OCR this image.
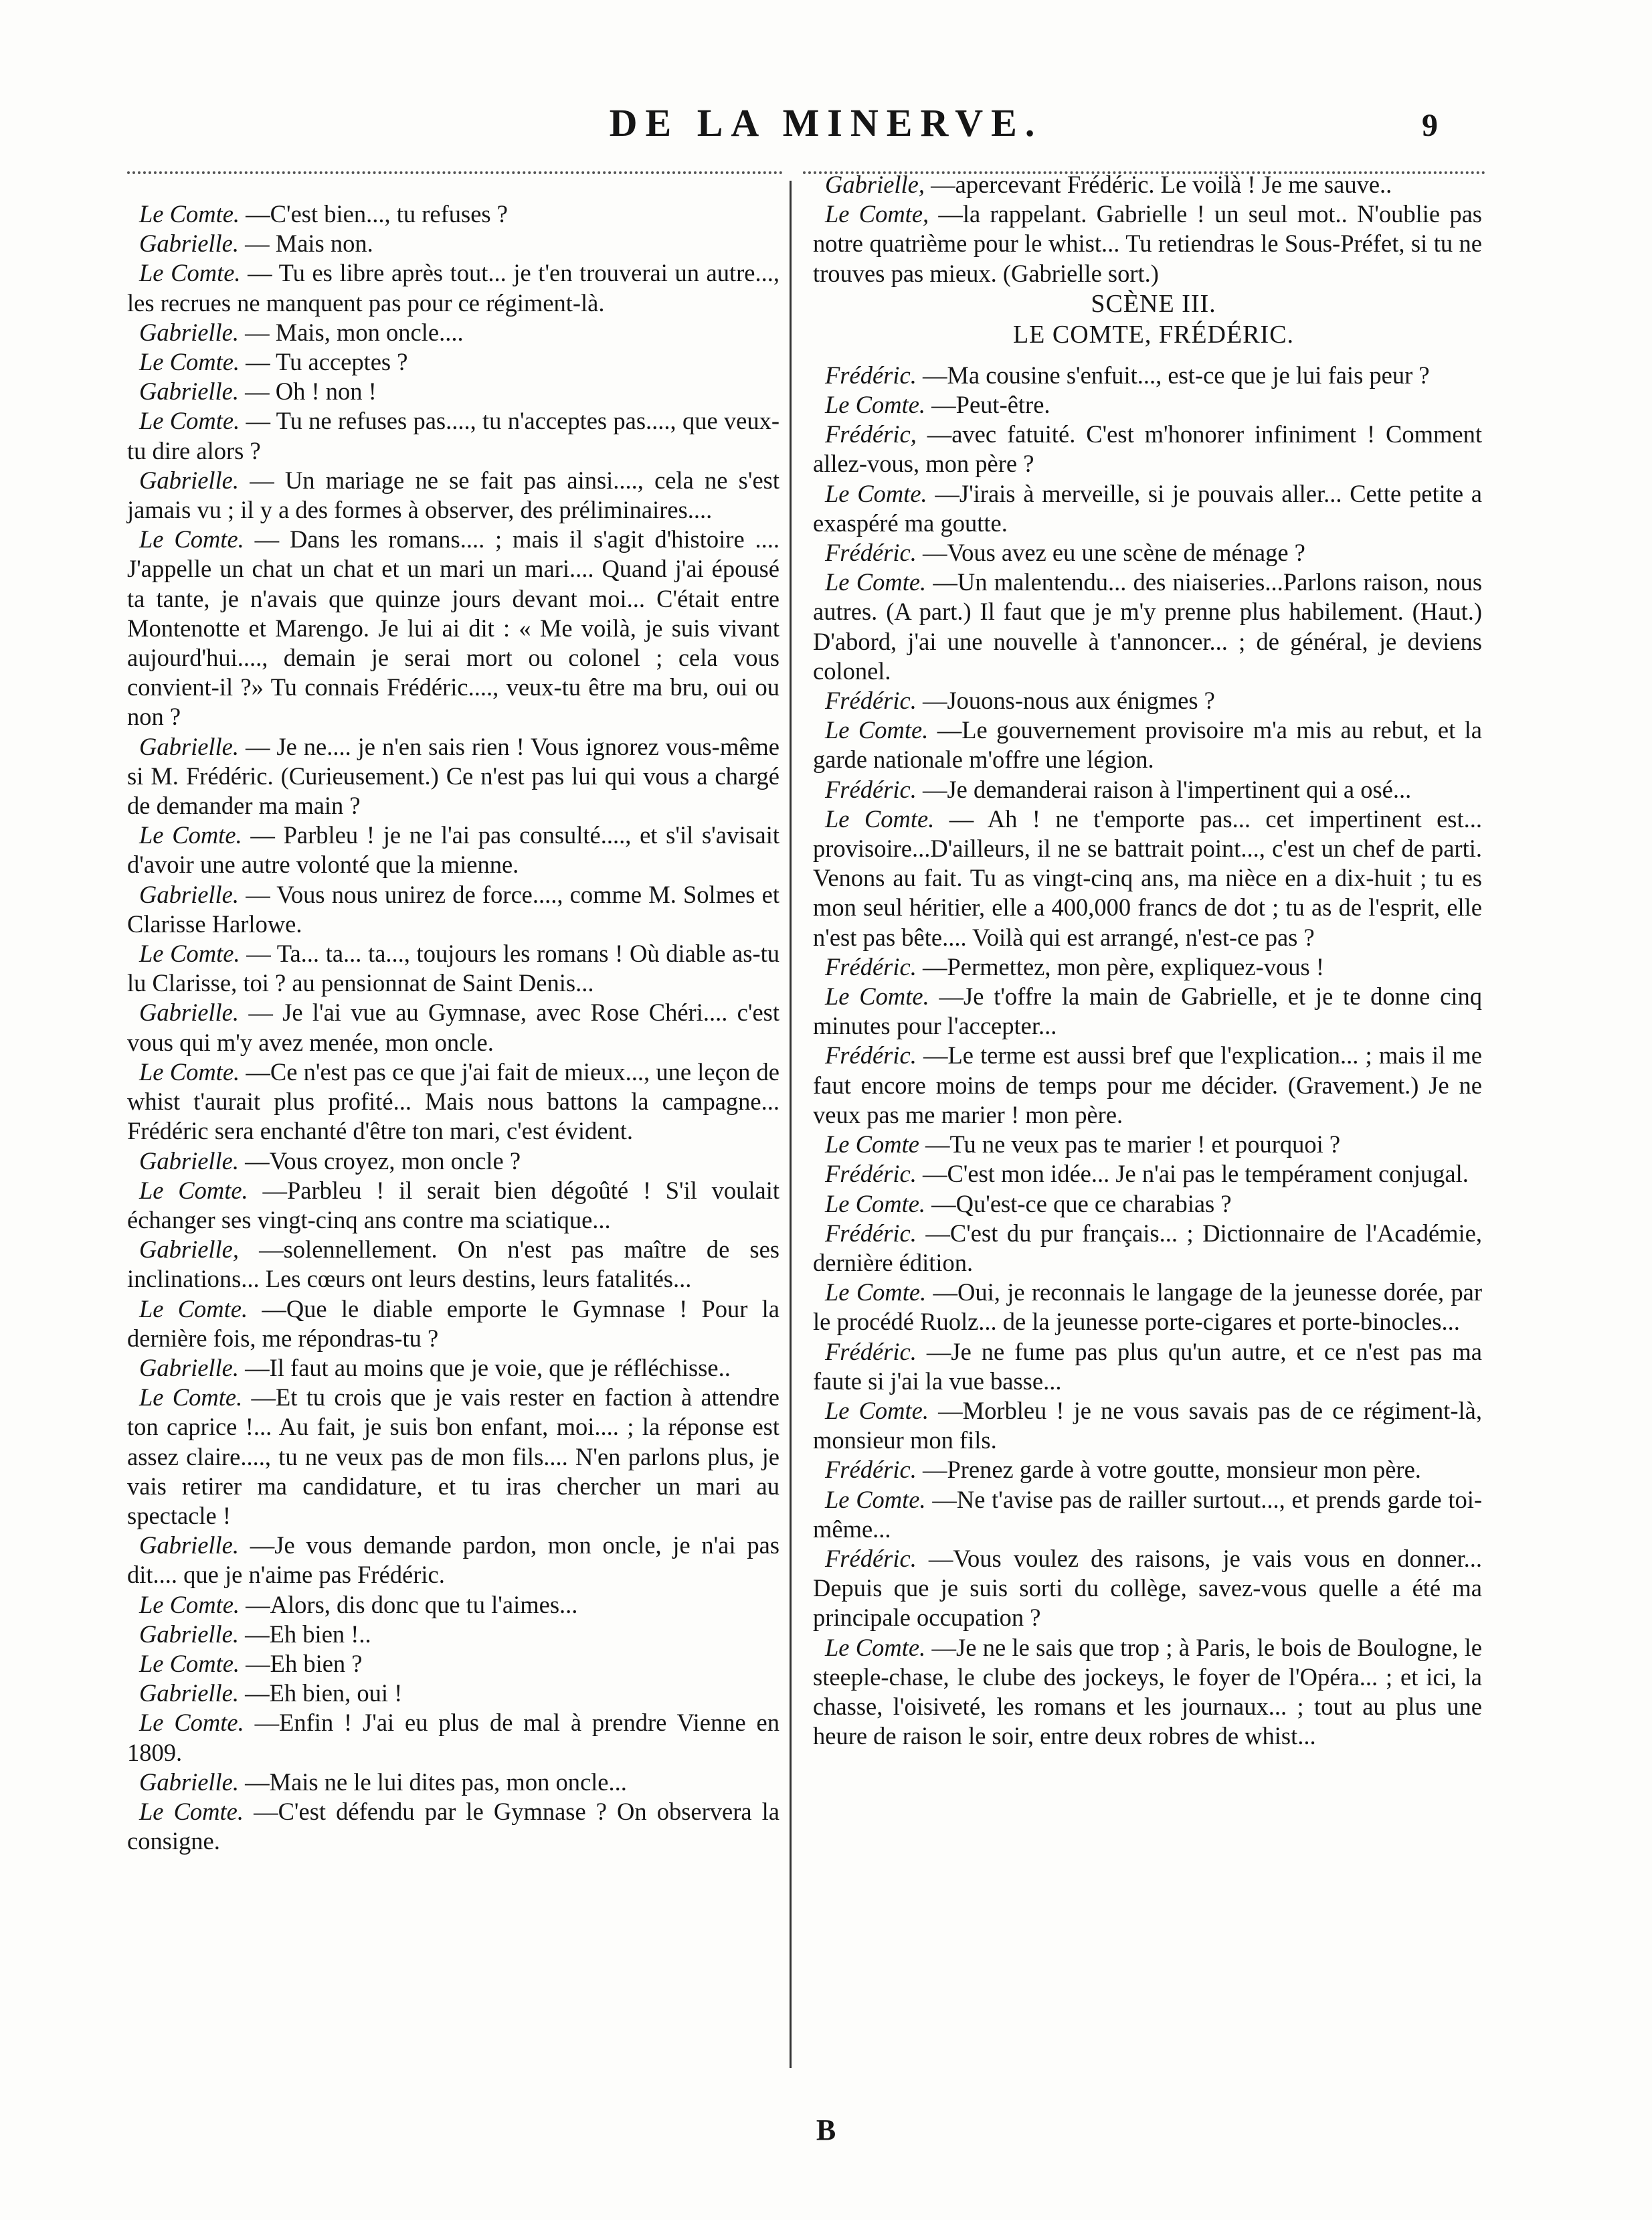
DE LA MINERVE.	9

Le Comte. —C'est bien..., tu refuses ?

Gabrielle. — Mais non.

Le Comte. — Tu es libre après tout... je t'en trouverai un autre..., les recrues ne manquent pas pour ce régiment-là.

Gabrielle. — Mais, mon oncle....

Le Comte. — Tu acceptes ?

Gabrielle. — Oh ! non !

Le Comte. — Tu ne refuses pas...., tu n'acceptes pas...., que veux-tu dire alors ?

Gabrielle. — Un mariage ne se fait pas ainsi...., cela ne s'est jamais vu ; il y a des formes à observer, des préliminaires....

Le Comte. — Dans les romans.... ; mais il s'agit d'histoire .... J'appelle un chat un chat et un mari un mari.... Quand j'ai épousé ta tante, je n'avais que quinze jours devant moi... C'était entre Montenotte et Marengo. Je lui ai dit : « Me voilà, je suis vivant aujourd'hui...., demain je serai mort ou colonel ; cela vous convient-il ?» Tu connais Frédéric...., veux-tu être ma bru, oui ou non ?

Gabrielle. — Je ne.... je n'en sais rien ! Vous ignorez vous-même si M. Frédéric. (Curieusement.) Ce n'est pas lui qui vous a chargé de demander ma main ?

Le Comte. — Parbleu ! je ne l'ai pas consulté...., et s'il s'avisait d'avoir une autre volonté que la mienne.

Gabrielle. — Vous nous unirez de force...., comme M. Solmes et Clarisse Harlowe.

Le Comte. — Ta... ta... ta..., toujours les romans ! Où diable as-tu lu Clarisse, toi ? au pensionnat de Saint Denis...

Gabrielle. — Je l'ai vue au Gymnase, avec Rose Chéri.... c'est vous qui m'y avez menée, mon oncle.

Le Comte. —Ce n'est pas ce que j'ai fait de mieux..., une leçon de whist t'aurait plus profité... Mais nous battons la campagne... Frédéric sera enchanté d'être ton mari, c'est évident.

Gabrielle. —Vous croyez, mon oncle ?

Le Comte. —Parbleu ! il serait bien dégoûté ! S'il voulait échanger ses vingt-cinq ans contre ma sciatique...

Gabrielle, —solennellement. On n'est pas maître de ses inclinations... Les cœurs ont leurs destins, leurs fatalités...

Le Comte. —Que le diable emporte le Gymnase ! Pour la dernière fois, me répondras-tu ?

Gabrielle. —Il faut au moins que je voie, que je réfléchisse..

Le Comte. —Et tu crois que je vais rester en faction à attendre ton caprice !... Au fait, je suis bon enfant, moi.... ; la réponse est assez claire...., tu ne veux pas de mon fils.... N'en parlons plus, je vais retirer ma candidature, et tu iras chercher un mari au spectacle !

Gabrielle. —Je vous demande pardon, mon oncle, je n'ai pas dit.... que je n'aime pas Frédéric.

Le Comte. —Alors, dis donc que tu l'aimes...

Gabrielle. —Eh bien !..

Le Comte. —Eh bien ?

Gabrielle. —Eh bien, oui !

Le Comte. —Enfin ! J'ai eu plus de mal à prendre Vienne en 1809.

Gabrielle. —Mais ne le lui dites pas, mon oncle...

Le Comte. —C'est défendu par le Gymnase ? On observera la consigne.

Gabrielle, —apercevant Frédéric. Le voilà ! Je me sauve..

Le Comte, —la rappelant. Gabrielle ! un seul mot.. N'oublie pas notre quatrième pour le whist... Tu retiendras le Sous-Préfet, si tu ne trouves pas mieux. (Gabrielle sort.)

SCÈNE III.

LE COMTE, FRÉDÉRIC.

Frédéric. —Ma cousine s'enfuit..., est-ce que je lui fais peur ?

Le Comte. —Peut-être.

Frédéric, —avec fatuité. C'est m'honorer infiniment ! Comment allez-vous, mon père ?

Le Comte. —J'irais à merveille, si je pouvais aller... Cette petite a exaspéré ma goutte.

Frédéric. —Vous avez eu une scène de ménage ?

Le Comte. —Un malentendu... des niaiseries...Parlons raison, nous autres. (A part.) Il faut que je m'y prenne plus habilement. (Haut.) D'abord, j'ai une nouvelle à t'annoncer... ; de général, je deviens colonel.

Frédéric. —Jouons-nous aux énigmes ?

Le Comte. —Le gouvernement provisoire m'a mis au rebut, et la garde nationale m'offre une légion.

Frédéric. —Je demanderai raison à l'impertinent qui a osé...

Le Comte. — Ah ! ne t'emporte pas... cet impertinent est... provisoire...D'ailleurs, il ne se battrait point..., c'est un chef de parti. Venons au fait. Tu as vingt-cinq ans, ma nièce en a dix-huit ; tu es mon seul héritier, elle a 400,000 francs de dot ; tu as de l'esprit, elle n'est pas bête.... Voilà qui est arrangé, n'est-ce pas ?

Frédéric. —Permettez, mon père, expliquez-vous !

Le Comte. —Je t'offre la main de Gabrielle, et je te donne cinq minutes pour l'accepter...

Frédéric. —Le terme est aussi bref que l'explication... ; mais il me faut encore moins de temps pour me décider. (Gravement.) Je ne veux pas me marier ! mon père.

Le Comte —Tu ne veux pas te marier ! et pourquoi ?

Frédéric. —C'est mon idée... Je n'ai pas le tempérament conjugal.

Le Comte. —Qu'est-ce que ce charabias ?

Frédéric. —C'est du pur français... ; Dictionnaire de l'Académie, dernière édition.

Le Comte. —Oui, je reconnais le langage de la jeunesse dorée, par le procédé Ruolz... de la jeunesse porte-cigares et porte-binocles...

Frédéric. —Je ne fume pas plus qu'un autre, et ce n'est pas ma faute si j'ai la vue basse...

Le Comte. —Morbleu ! je ne vous savais pas de ce régiment-là, monsieur mon fils.

Frédéric. —Prenez garde à votre goutte, monsieur mon père.

Le Comte. —Ne t'avise pas de railler surtout..., et prends garde toi-même...

Frédéric. —Vous voulez des raisons, je vais vous en donner... Depuis que je suis sorti du collège, savez-vous quelle a été ma principale occupation ?

Le Comte. —Je ne le sais que trop ; à Paris, le bois de Boulogne, le steeple-chase, le clube des jockeys, le foyer de l'Opéra... ; et ici, la chasse, l'oisiveté, les romans et les journaux... ; tout au plus une heure de raison le soir, entre deux robres de whist...

B
